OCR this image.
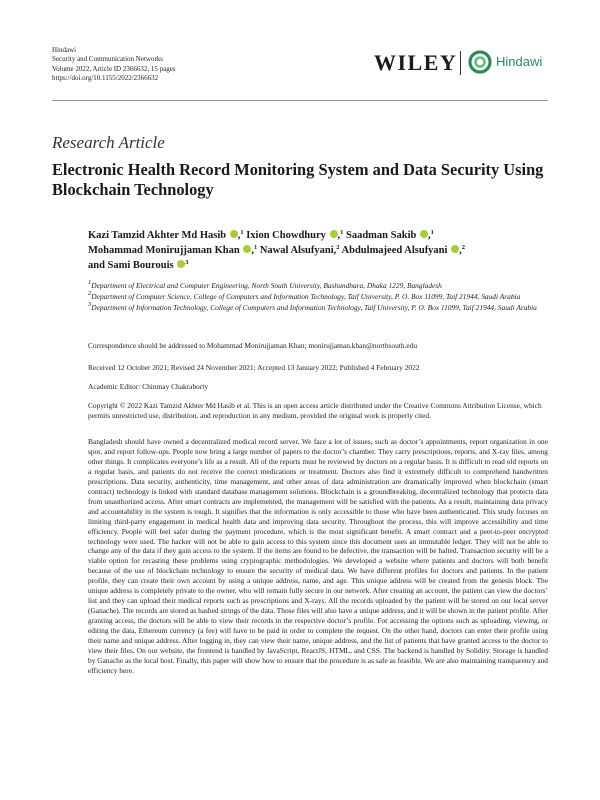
Hindawi
Security and Communication Networks
Volume 2022, Article ID 2366632, 15 pages
https://doi.org/10.1155/2022/2366632
WILEY	Hindawi
Research Article
Electronic Health Record Monitoring System and Data Security Using Blockchain Technology
Kazi Tamzid Akhter Md Hasib ,$^1$ Ixion Chowdhury ,$^1$ Saadman Sakib ,$^1$
Mohammad Monirujjaman Khan ,$^1$ Nawal Alsufyani,$^2$ Abdulmajeed Alsufyani ,$^2$
and Sami Bourouis $^3$
$^1$Department of Electrical and Computer Engineering, North South University, Bashundhara, Dhaka 1229, Bangladesh
$^2$Department of Computer Science, College of Computers and Information Technology, Taif University, P. O. Box 11099, Taif 21944, Saudi Arabia
$^3$Department of Information Technology, College of Computers and Information Technology, Taif University, P. O. Box 11099, Taif 21944, Saudi Arabia
Correspondence should be addressed to Mohammad Monirujjaman Khan; monirujjaman.khan@northsouth.edu
Received 12 October 2021; Revised 24 November 2021; Accepted 13 January 2022; Published 4 February 2022
Academic Editor: Chinmay Chakraborty
Copyright © 2022 Kazi Tamzid Akhter Md Hasib et al. This is an open access article distributed under the Creative Commons Attribution License, which permits unrestricted use, distribution, and reproduction in any medium, provided the original work is properly cited.
Bangladesh should have owned a decentralized medical record server. We face a lot of issues, such as doctor’s appointments, report organization in one spot, and report follow-ups. People now bring a large number of papers to the doctor’s chamber. They carry prescriptions, reports, and X-ray files, among other things. It complicates everyone’s life as a result. All of the reports must be reviewed by doctors on a regular basis. It is difficult to read old reports on a regular basis, and patients do not receive the correct medications or treatment. Doctors also find it extremely difficult to comprehend handwritten prescriptions. Data security, authenticity, time management, and other areas of data administration are dramatically improved when blockchain (smart contract) technology is linked with standard database management solutions. Blockchain is a groundbreaking, decentralized technology that protects data from unauthorized access. After smart contracts are implemented, the management will be satisfied with the patients. As a result, maintaining data privacy and accountability in the system is tough. It signifies that the information is only accessible to those who have been authenticated. This study focuses on limiting third-party engagement in medical health data and improving data security. Throughout the process, this will improve accessibility and time efficiency. People will feel safer during the payment procedure, which is the most significant benefit. A smart contract and a peer-to-peer encrypted technology were used. The hacker will not be able to gain access to this system since this document uses an immutable ledger. They will not be able to change any of the data if they gain access to the system. If the items are found to be defective, the transaction will be halted. Transaction security will be a viable option for recasting these problems using cryptographic methodologies. We developed a website where patients and doctors will both benefit because of the use of blockchain technology to ensure the security of medical data. We have different profiles for doctors and patients. In the patient profile, they can create their own account by using a unique address, name, and age. This unique address will be created from the genesis block. The unique address is completely private to the owner, who will remain fully secure in our network. After creating an account, the patient can view the doctors’ list and they can upload their medical reports such as prescriptions and X-rays. All the records uploaded by the patient will be stored on our local server (Ganache). The records are stored as hashed strings of the data. Those files will also have a unique address, and it will be shown in the patient profile. After granting access, the doctors will be able to view their records in the respective doctor’s profile. For accessing the options such as uploading, viewing, or editing the data, Ethereum currency (a fee) will have to be paid in order to complete the request. On the other hand, doctors can enter their profile using their name and unique address. After logging in, they can view their name, unique address, and the list of patients that have granted access to the doctor to view their files. On our website, the frontend is handled by JavaScript, ReactJS, HTML, and CSS. The backend is handled by Solidity. Storage is handled by Ganache as the local host. Finally, this paper will show how to ensure that the procedure is as safe as feasible. We are also maintaining transparency and efficiency here.
